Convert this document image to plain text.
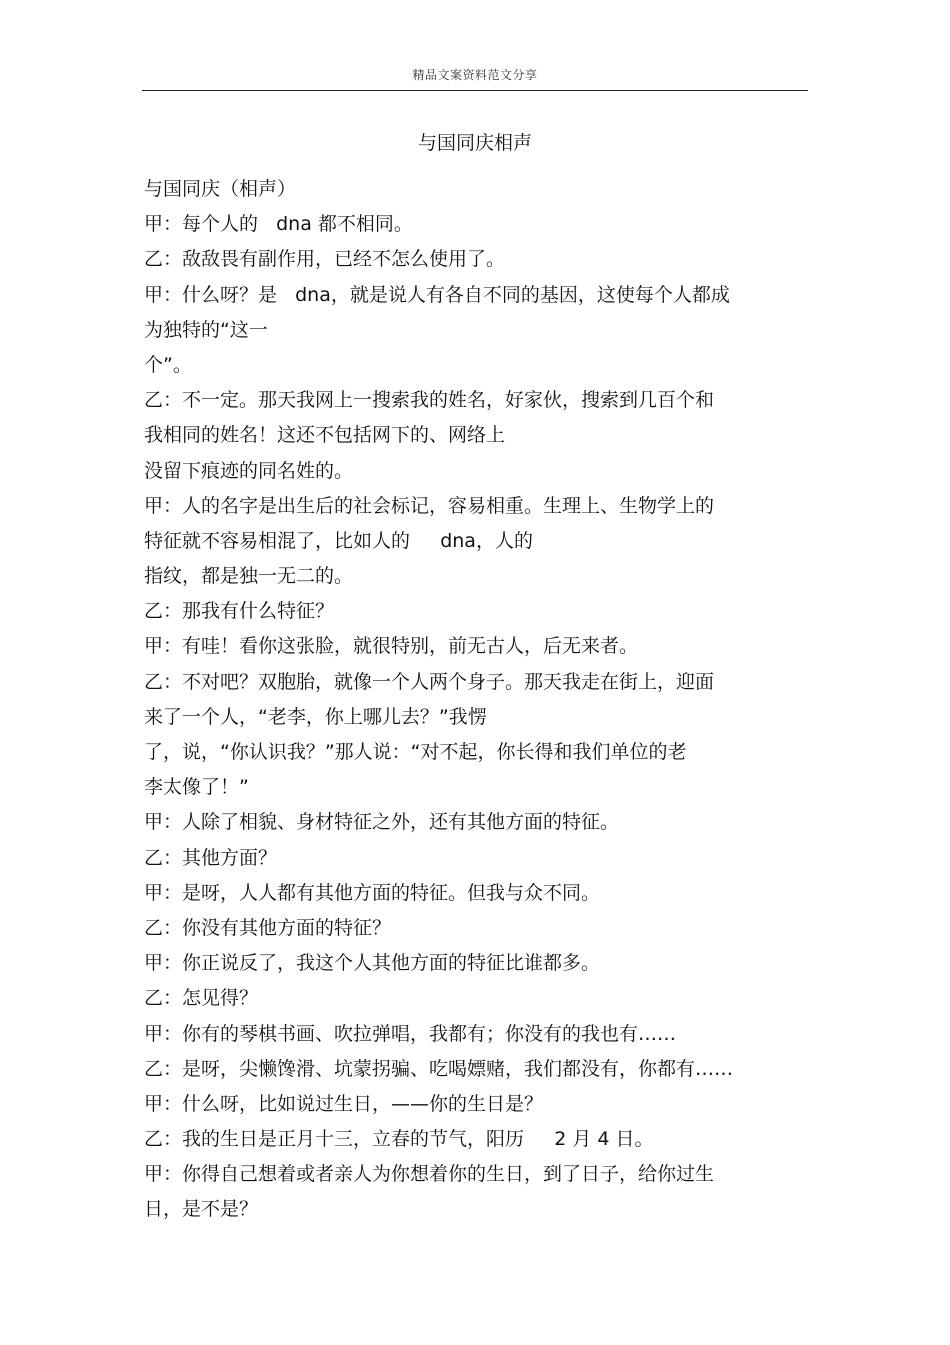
精品文案资料范文分享
与国同庆相声
与国同庆（相声）
甲：每个人的   dna 都不相同。
乙：敌敌畏有副作用，已经不怎么使用了。
甲：什么呀？是   dna，就是说人有各自不同的基因，这使每个人都成
为独特的“这一
个”。
乙：不一定。那天我网上一搜索我的姓名，好家伙，搜索到几百个和
我相同的姓名！这还不包括网下的、网络上
没留下痕迹的同名姓的。
甲：人的名字是出生后的社会标记，容易相重。生理上、生物学上的
特征就不容易相混了，比如人的     dna，人的
指纹，都是独一无二的。
乙：那我有什么特征？
甲：有哇！看你这张脸，就很特别，前无古人，后无来者。
乙：不对吧？双胞胎，就像一个人两个身子。那天我走在街上，迎面
来了一个人，“老李，你上哪儿去？”我愣
了，说，“你认识我？”那人说：“对不起，你长得和我们单位的老
李太像了！”
甲：人除了相貌、身材特征之外，还有其他方面的特征。
乙：其他方面？
甲：是呀，人人都有其他方面的特征。但我与众不同。
乙：你没有其他方面的特征？
甲：你正说反了，我这个人其他方面的特征比谁都多。
乙：怎见得？
甲：你有的琴棋书画、吹拉弹唱，我都有；你没有的我也有……
乙：是呀，尖懒馋滑、坑蒙拐骗、吃喝嫖赌，我们都没有，你都有……
甲：什么呀，比如说过生日，——你的生日是？
乙：我的生日是正月十三，立春的节气，阳历     2 月 4 日。
甲：你得自己想着或者亲人为你想着你的生日，到了日子，给你过生
日，是不是？
